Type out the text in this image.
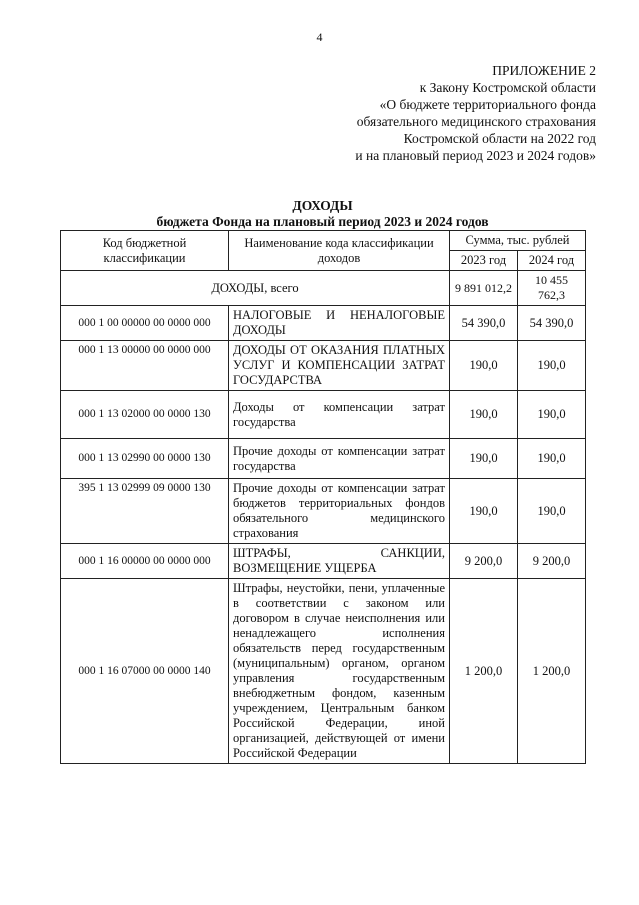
4
ПРИЛОЖЕНИЕ 2
к Закону Костромской области
«О бюджете территориального фонда
обязательного медицинского страхования
Костромской области на 2022 год
и на плановый период 2023 и 2024 годов»
ДОХОДЫ
бюджета Фонда на плановый период 2023 и 2024 годов
Код бюджетной классификации	Наименование кода классификации доходов	Сумма, тыс. рублей	
		2023 год	2024 год
ДОХОДЫ, всего		9 891 012,2	10 455 762,3
000 1 00 00000 00 0000 000	НАЛОГОВЫЕ И НЕНАЛОГОВЫЕ ДОХОДЫ	54 390,0	54 390,0
000 1 13 00000 00 0000 000	ДОХОДЫ ОТ ОКАЗАНИЯ ПЛАТНЫХ УСЛУГ И КОМПЕНСАЦИИ ЗАТРАТ ГОСУДАРСТВА	190,0	190,0
000 1 13 02000 00 0000 130	Доходы от компенсации затрат государства	190,0	190,0
000 1 13 02990 00 0000 130	Прочие доходы от компенсации затрат государства	190,0	190,0
395 1 13 02999 09 0000 130	Прочие доходы от компенсации затрат бюджетов территориальных фондов обязательного медицинского страхования	190,0	190,0
000 1 16 00000 00 0000 000	ШТРАФЫ, САНКЦИИ, ВОЗМЕЩЕНИЕ УЩЕРБА	9 200,0	9 200,0
000 1 16 07000 00 0000 140	Штрафы, неустойки, пени, уплаченные в соответствии с законом или договором в случае неисполнения или ненадлежащего исполнения обязательств перед государственным (муниципальным) органом, органом управления государственным внебюджетным фондом, казенным учреждением, Центральным банком Российской Федерации, иной организацией, действующей от имени Российской Федерации	1 200,0	1 200,0
